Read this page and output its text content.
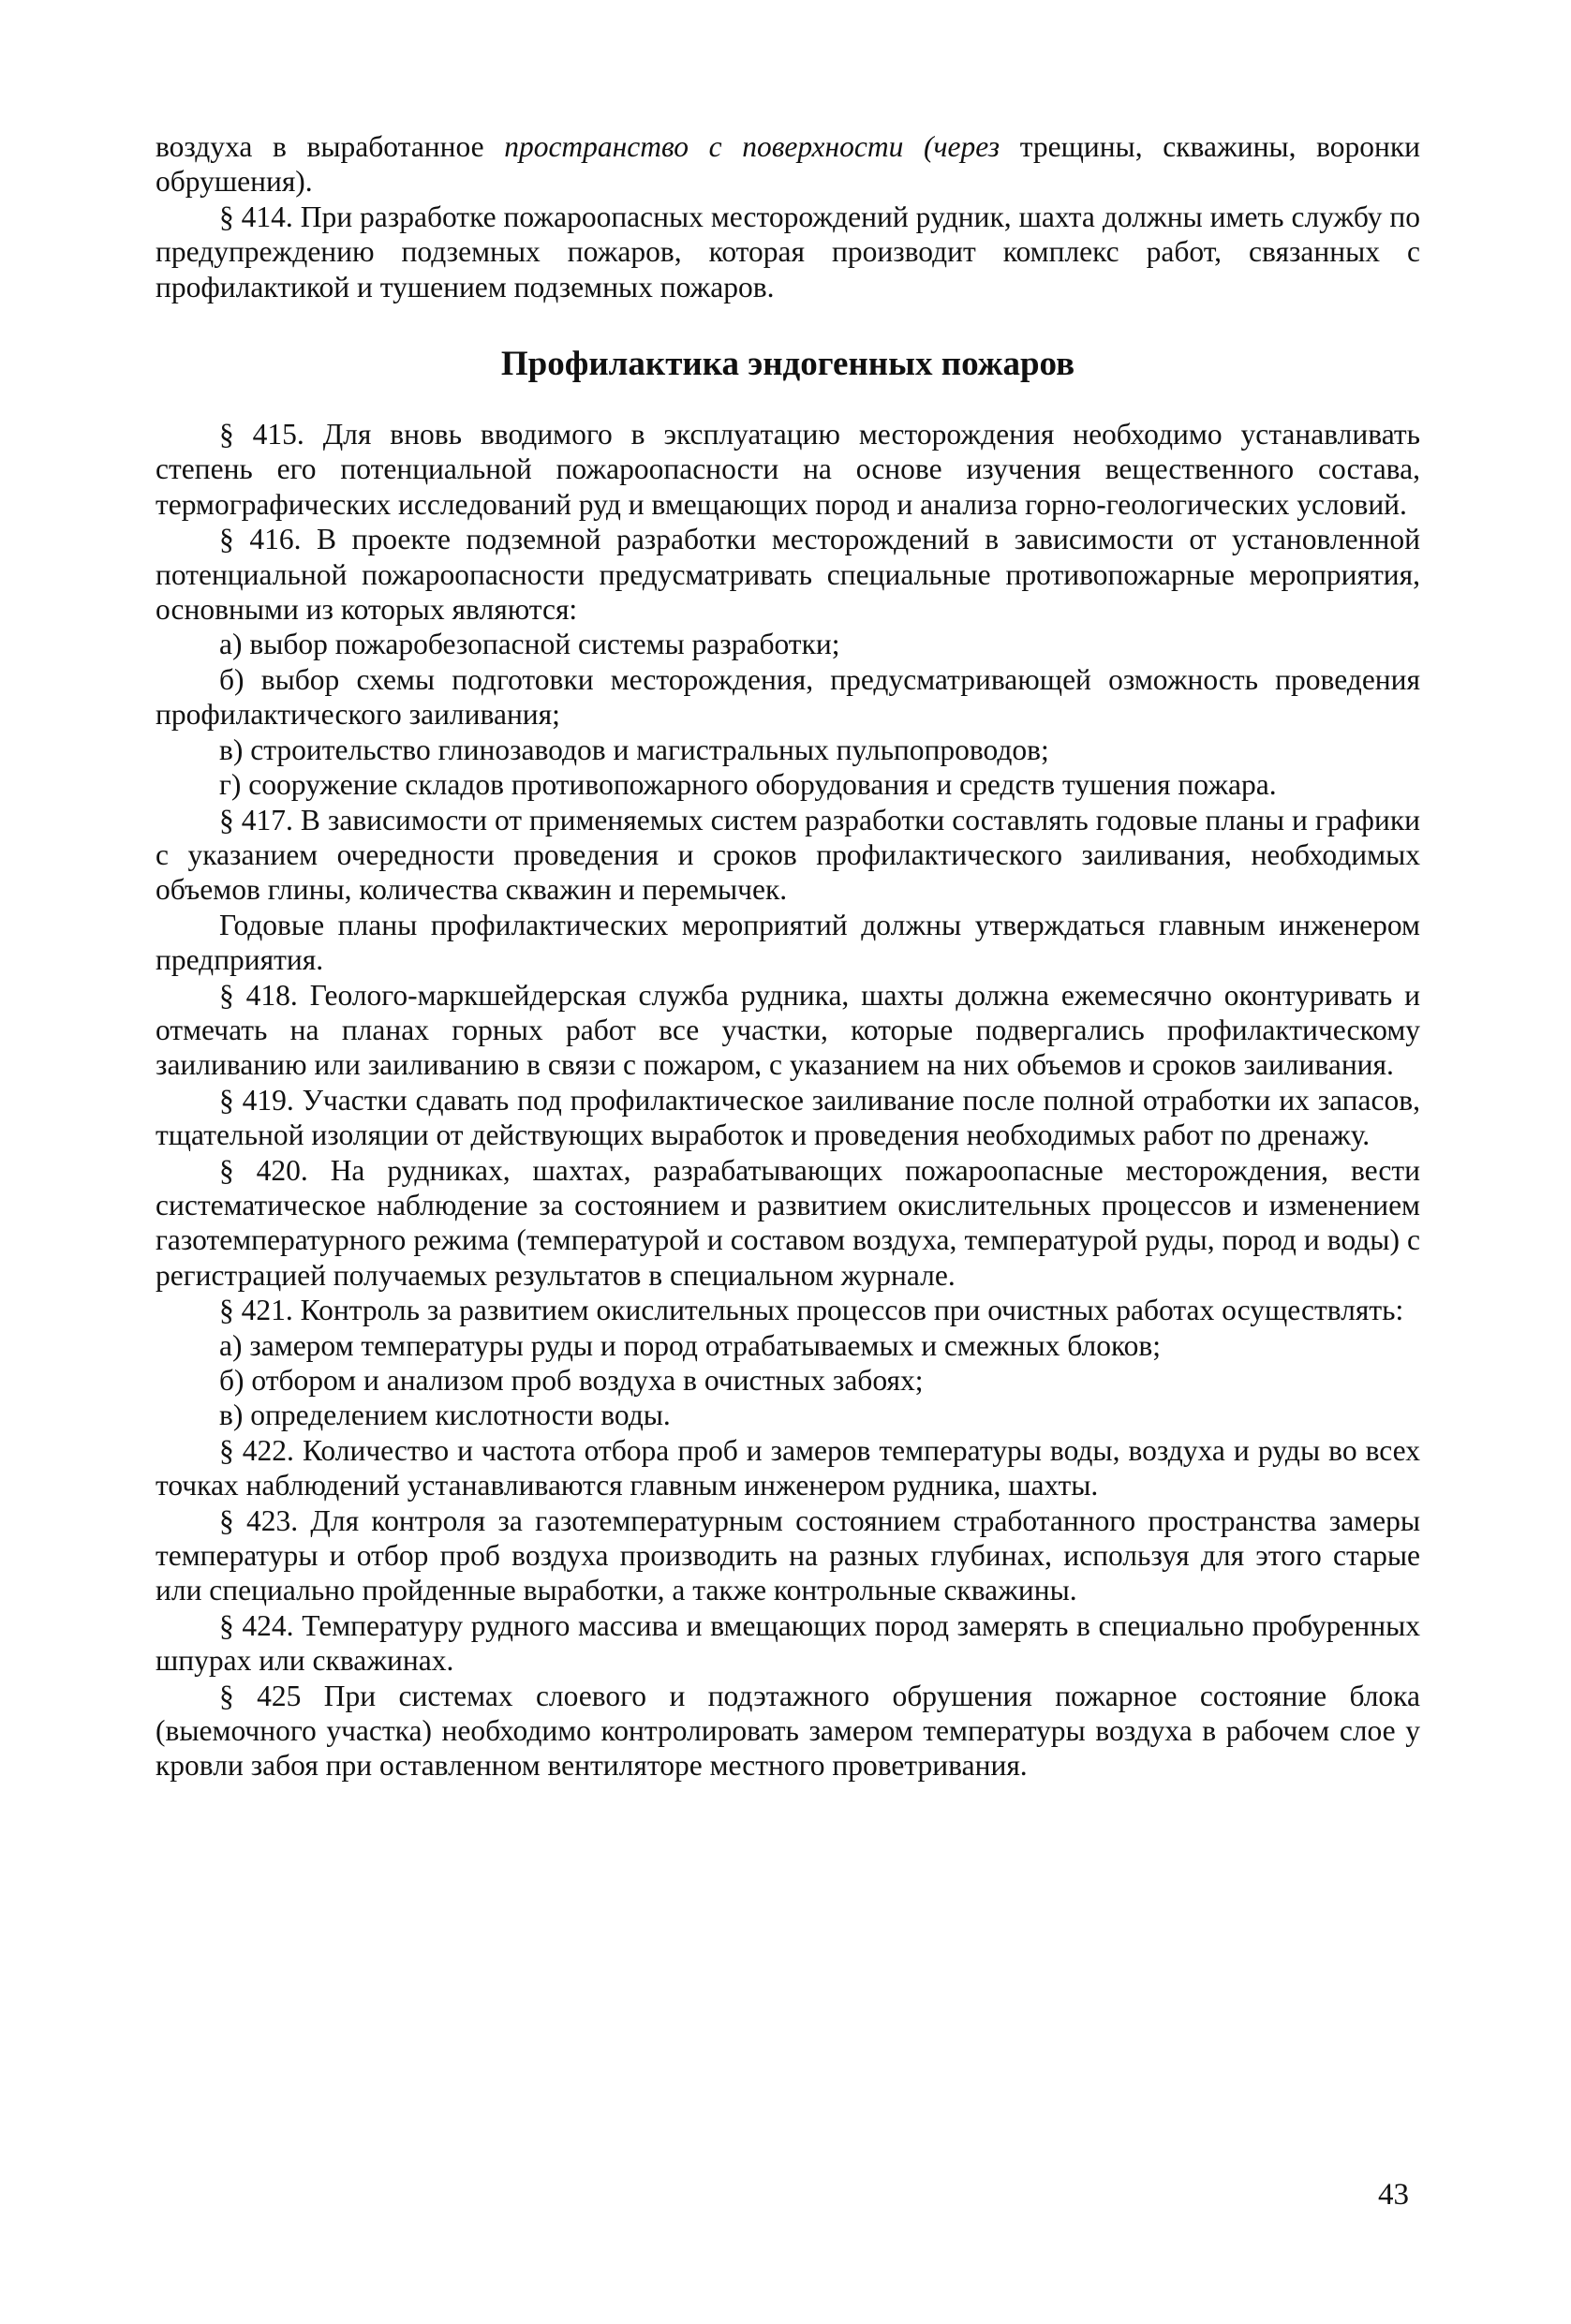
воздуха в выработанное пространство с поверхности (через трещины, скважины, воронки обрушения).

§ 414. При разработке пожароопасных месторождений рудник, шахта должны иметь службу по предупреждению подземных пожаров, которая производит комплекс работ, связанных с профилактикой и тушением подземных пожаров.

Профилактика эндогенных пожаров

§ 415. Для вновь вводимого в эксплуатацию месторождения необходимо устанавливать степень его потенциальной пожароопасности на основе изучения вещественного состава, термографических исследований руд и вмещающих пород и анализа горно-геологических условий.

§ 416. В проекте подземной разработки месторождений в зависимости от установленной потенциальной пожароопасности предусматривать специальные противопожарные мероприятия, основными из которых являются:

а) выбор пожаробезопасной системы разработки;

б) выбор схемы подготовки месторождения, предусматривающей озможность проведения профилактического заиливания;

в) строительство глинозаводов и магистральных пульпопроводов;

г) сооружение складов противопожарного оборудования и средств тушения пожара.

§ 417. В зависимости от применяемых систем разработки составлять годовые планы и графики с указанием очередности проведения и сроков профилактического заиливания, необходимых объемов глины, количества скважин и перемычек.

Годовые планы профилактических мероприятий должны утверждаться главным инженером предприятия.

§ 418. Геолого-маркшейдерская служба рудника, шахты должна ежемесячно оконтуривать и отмечать на планах горных работ все участки, которые подвергались профилактическому заиливанию или заиливанию в связи с пожаром, с указанием на них объемов и сроков заиливания.

§ 419. Участки сдавать под профилактическое заиливание после полной отработки их запасов, тщательной изоляции от действующих выработок и проведения необходимых работ по дренажу.

§ 420. На рудниках, шахтах, разрабатывающих пожароопасные месторождения, вести систематическое наблюдение за состоянием и развитием окислительных процессов и изменением газотемпературного режима (температурой и составом воздуха, температурой руды, пород и воды) с регистрацией получаемых результатов в специальном журнале.

§ 421. Контроль за развитием окислительных процессов при очистных работах осуществлять:

а) замером температуры руды и пород отрабатываемых и смежных блоков;

б) отбором и анализом проб воздуха в очистных забоях;

в) определением кислотности воды.

§ 422. Количество и частота отбора проб и замеров температуры воды, воздуха и руды во всех точках наблюдений устанавливаются главным инженером рудника, шахты.

§ 423. Для контроля за газотемпературным состоянием стработанного пространства замеры температуры и отбор проб воздуха производить на разных глубинах, используя для этого старые или специально пройденные выработки, а также контрольные скважины.

§ 424. Температуру рудного массива и вмещающих пород замерять в специально пробуренных шпурах или скважинах.

§ 425 При системах слоевого и подэтажного обрушения пожарное состояние блока (выемочного участка) необходимо контролировать замером температуры воздуха в рабочем слое у кровли забоя при оставленном вентиляторе местного проветривания.

43
